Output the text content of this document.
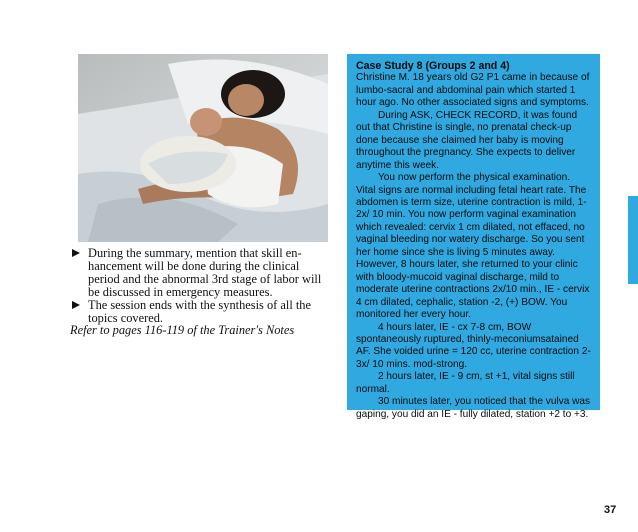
During the summary, mention that skill en-hancement will be done during the clinical period and the abnormal 3rd stage of labor will be discussed in emergency measures.
The session ends with the synthesis of all the topics covered.
Refer to pages 116-119 of the Trainer's Notes

Case Study 8 (Groups 2 and 4)

Christine M. 18 years old G2 P1 came in because of lumbo-sacral and abdominal pain which started 1 hour ago. No other associated signs and symptoms.

During ASK, CHECK RECORD, it was found out that Christine is single, no prenatal check-up done because she claimed her baby is moving throughout the pregnancy. She expects to deliver anytime this week.

You now perform the physical examination. Vital signs are normal including fetal heart rate. The abdomen is term size, uterine contraction is mild, 1-2x/ 10 min. You now perform vaginal examination which revealed: cervix 1 cm dilated, not effaced, no vaginal bleeding nor watery discharge. So you sent her home since she is living 5 minutes away. However, 8 hours later, she returned to your clinic with bloody-mucoid vaginal discharge, mild to moderate uterine contractions 2x/10 min., IE - cervix 4 cm dilated, cephalic, station -2, (+) BOW. You monitored her every hour.

4 hours later, IE - cx 7-8 cm, BOW spontaneously ruptured, thinly-meconiumsatained AF. She voided urine = 120 cc, uterine contraction 2-3x/ 10 mins. mod-strong.

2 hours later, IE - 9 cm, st +1, vital signs still normal.

30 minutes later, you noticed that the vulva was gaping, you did an IE - fully dilated, station +2 to +3.

37
